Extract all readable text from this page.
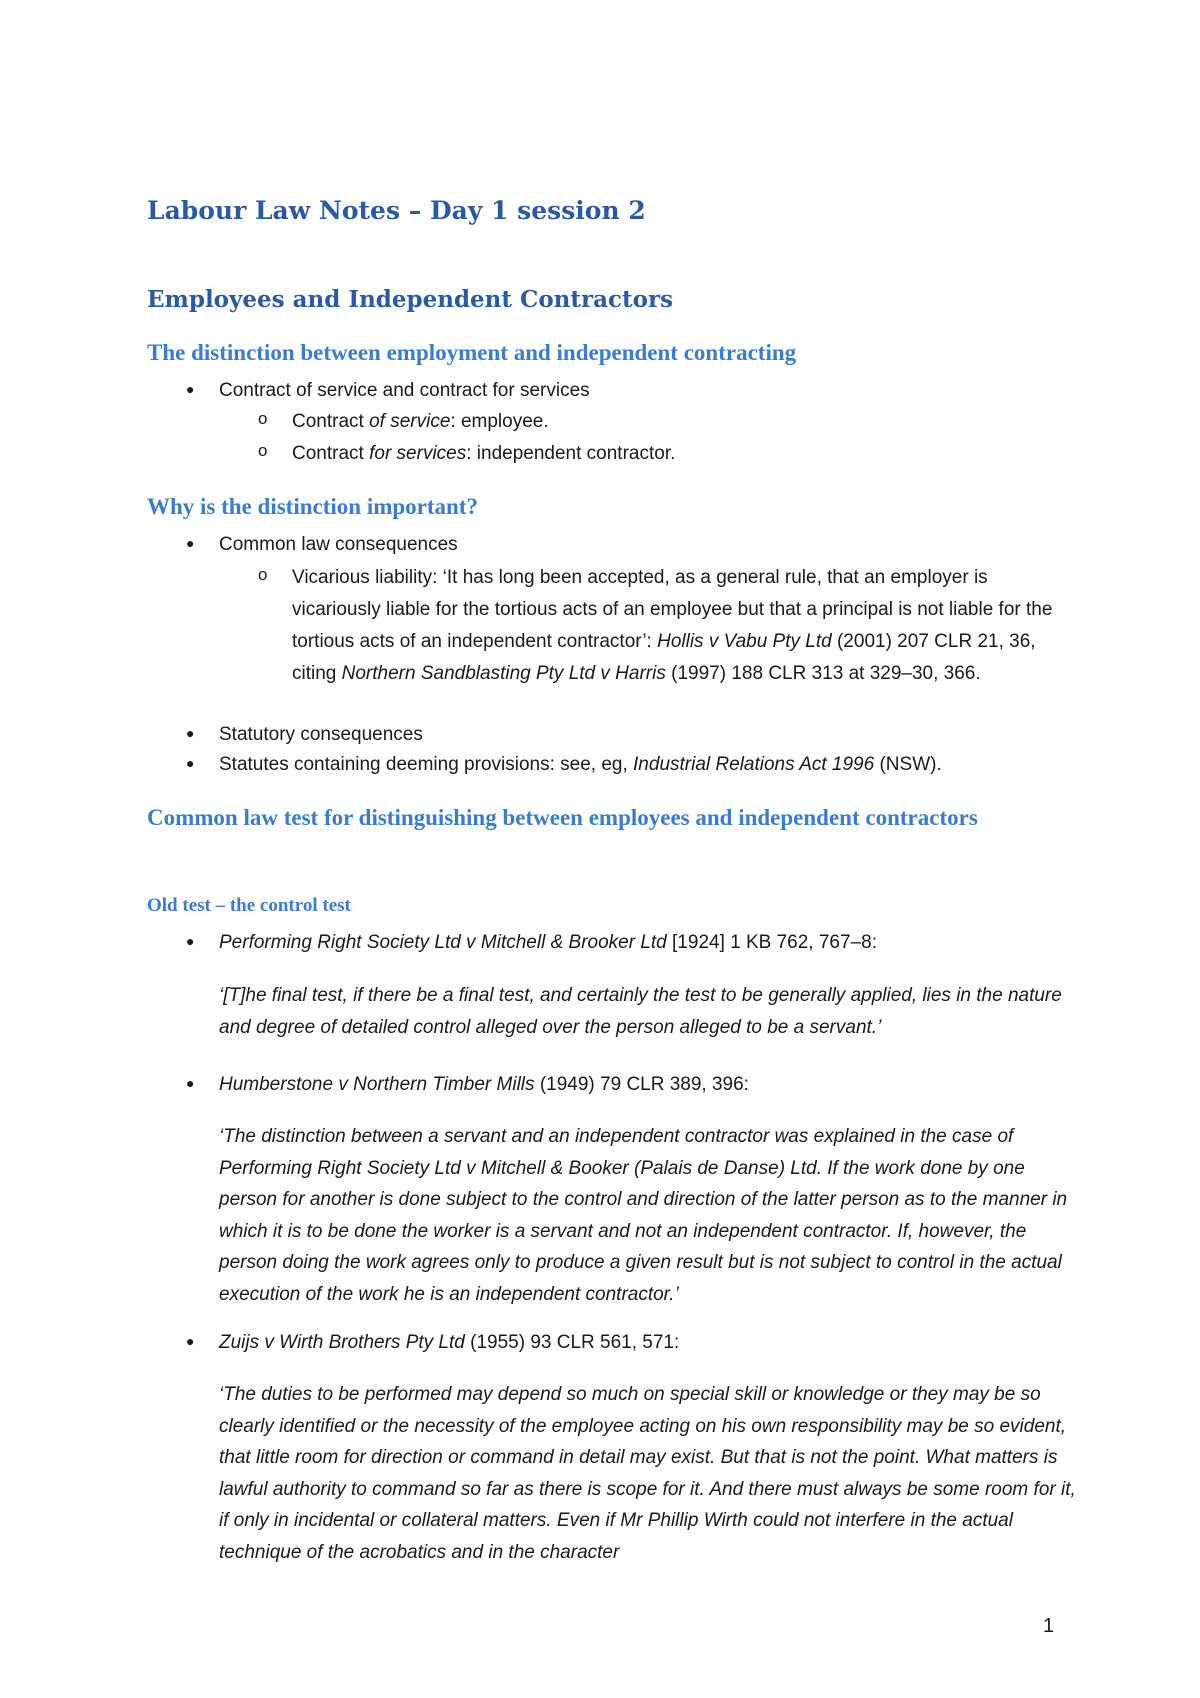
Labour Law Notes – Day 1 session 2
Employees and Independent Contractors
The distinction between employment and independent contracting
● Contract of service and contract for services
o Contract of service: employee.
o Contract for services: independent contractor.
Why is the distinction important?
● Common law consequences
o Vicarious liability: ‘It has long been accepted, as a general rule, that an employer is vicariously liable for the tortious acts of an employee but that a principal is not liable for the tortious acts of an independent contractor’: Hollis v Vabu Pty Ltd (2001) 207 CLR 21, 36, citing Northern Sandblasting Pty Ltd v Harris (1997) 188 CLR 313 at 329–30, 366.
● Statutory consequences
● Statutes containing deeming provisions: see, eg, Industrial Relations Act 1996 (NSW).
Common law test for distinguishing between employees and independent contractors
Old test – the control test
● Performing Right Society Ltd v Mitchell & Brooker Ltd [1924] 1 KB 762, 767–8:
‘[T]he final test, if there be a final test, and certainly the test to be generally applied, lies in the nature and degree of detailed control alleged over the person alleged to be a servant.’
● Humberstone v Northern Timber Mills (1949) 79 CLR 389, 396:
‘The distinction between a servant and an independent contractor was explained in the case of Performing Right Society Ltd v Mitchell & Booker (Palais de Danse) Ltd. If the work done by one person for another is done subject to the control and direction of the latter person as to the manner in which it is to be done the worker is a servant and not an independent contractor. If, however, the person doing the work agrees only to produce a given result but is not subject to control in the actual execution of the work he is an independent contractor.’
● Zuijs v Wirth Brothers Pty Ltd (1955) 93 CLR 561, 571:
‘The duties to be performed may depend so much on special skill or knowledge or they may be so clearly identified or the necessity of the employee acting on his own responsibility may be so evident, that little room for direction or command in detail may exist. But that is not the point. What matters is lawful authority to command so far as there is scope for it. And there must always be some room for it, if only in incidental or collateral matters. Even if Mr Phillip Wirth could not interfere in the actual technique of the acrobatics and in the character
1
